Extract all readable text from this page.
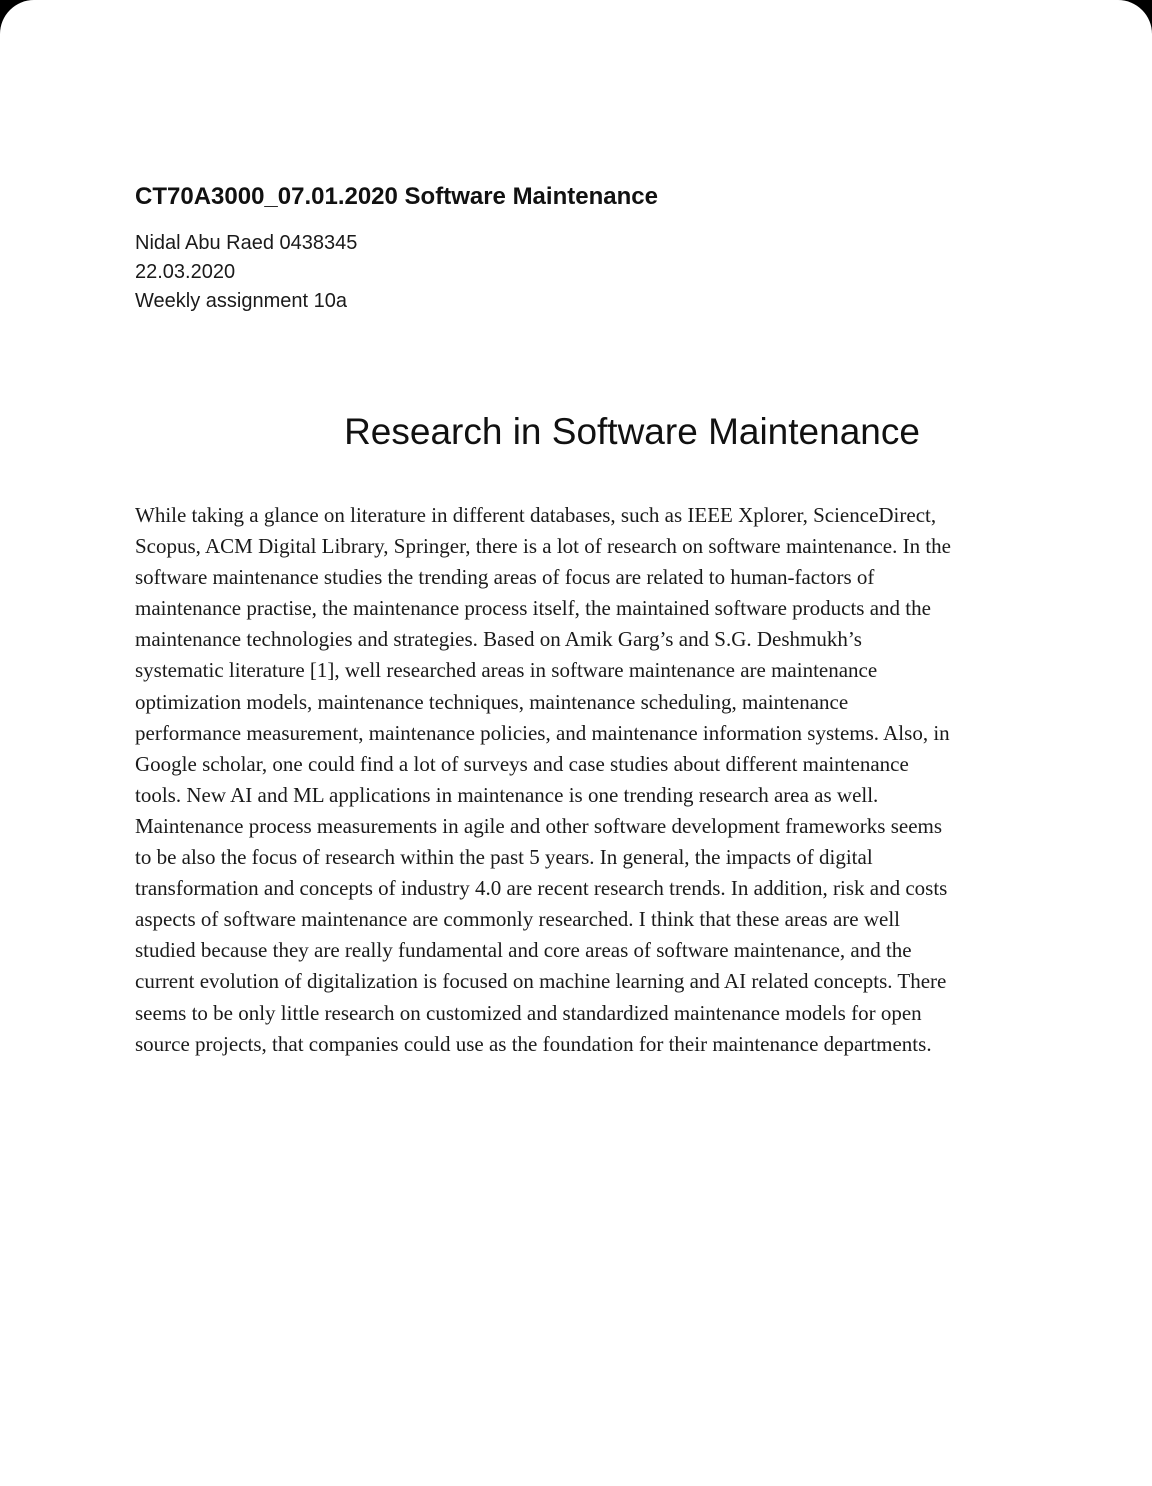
CT70A3000_07.01.2020 Software Maintenance
Nidal Abu Raed 0438345
22.03.2020
Weekly assignment 10a
Research in Software Maintenance

While taking a glance on literature in different databases, such as IEEE Xplorer, ScienceDirect,
Scopus, ACM Digital Library, Springer, there is a lot of research on software maintenance. In the
software maintenance studies the trending areas of focus are related to human-factors of
maintenance practise, the maintenance process itself, the maintained software products and the
maintenance technologies and strategies. Based on Amik Garg’s and S.G. Deshmukh’s
systematic literature [1], well researched areas in software maintenance are maintenance
optimization models, maintenance techniques, maintenance scheduling, maintenance
performance measurement, maintenance policies, and maintenance information systems. Also, in
Google scholar, one could find a lot of surveys and case studies about different maintenance
tools. New AI and ML applications in maintenance is one trending research area as well.
Maintenance process measurements in agile and other software development frameworks seems
to be also the focus of research within the past 5 years. In general, the impacts of digital
transformation and concepts of industry 4.0 are recent research trends. In addition, risk and costs
aspects of software maintenance are commonly researched. I think that these areas are well
studied because they are really fundamental and core areas of software maintenance, and the
current evolution of digitalization is focused on machine learning and AI related concepts. There
seems to be only little research on customized and standardized maintenance models for open
source projects, that companies could use as the foundation for their maintenance departments.
